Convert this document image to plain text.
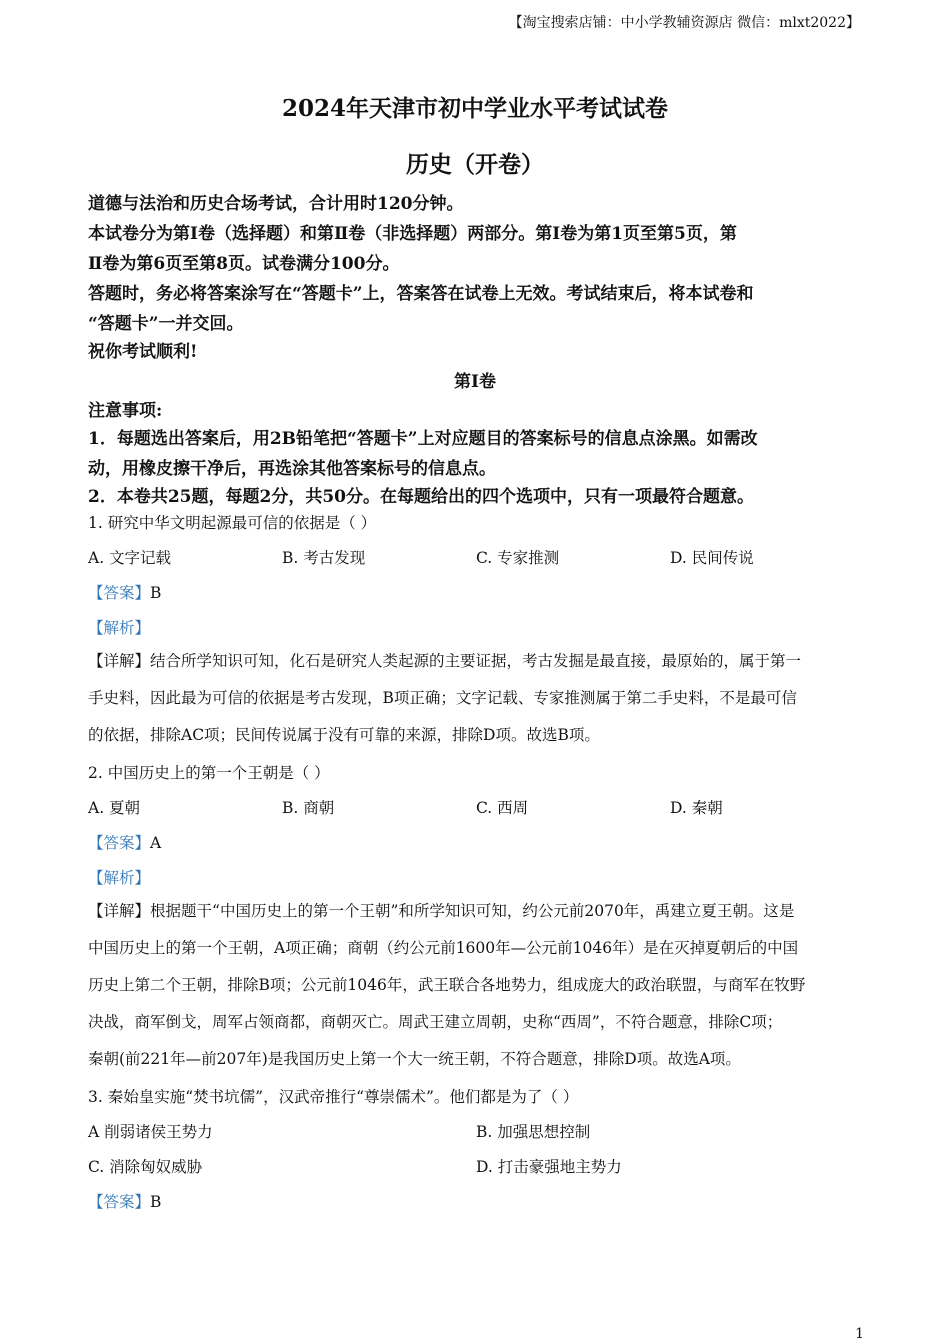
【淘宝搜索店铺：中小学教辅资源店 微信：mlxt2022】
2024年天津市初中学业水平考试试卷
历史（开卷）
道德与法治和历史合场考试，合计用时120分钟。
本试卷分为第Ⅰ卷（选择题）和第Ⅱ卷（非选择题）两部分。第Ⅰ卷为第1页至第5页，第
Ⅱ卷为第6页至第8页。试卷满分100分。
答题时，务必将答案涂写在“答题卡”上，答案答在试卷上无效。考试结束后，将本试卷和
“答题卡”一并交回。
祝你考试顺利!
第Ⅰ卷
注意事项:
1．每题选出答案后，用2B铅笔把“答题卡”上对应题目的答案标号的信息点涂黑。如需改
动，用橡皮擦干净后，再选涂其他答案标号的信息点。
2．本卷共25题，每题2分，共50分。在每题给出的四个选项中，只有一项最符合题意。
1. 研究中华文明起源最可信的依据是（ ）
A. 文字记载	B. 考古发现	C. 专家推测	D. 民间传说
【答案】B
【解析】
【详解】结合所学知识可知，化石是研究人类起源的主要证据，考古发掘是最直接，最原始的，属于第一
手史料，因此最为可信的依据是考古发现，B项正确；文字记载、专家推测属于第二手史料，不是最可信
的依据，排除AC项；民间传说属于没有可靠的来源，排除D项。故选B项。
2. 中国历史上的第一个王朝是（ ）
A. 夏朝	B. 商朝	C. 西周	D. 秦朝
【答案】A
【解析】
【详解】根据题干“中国历史上的第一个王朝”和所学知识可知，约公元前2070年，禹建立夏王朝。这是
中国历史上的第一个王朝，A项正确；商朝（约公元前1600年—公元前1046年）是在灭掉夏朝后的中国
历史上第二个王朝，排除B项；公元前1046年，武王联合各地势力，组成庞大的政治联盟，与商军在牧野
决战，商军倒戈，周军占领商都，商朝灭亡。周武王建立周朝，史称“西周”，不符合题意，排除C项；
秦朝(前221年—前207年)是我国历史上第一个大一统王朝，不符合题意，排除D项。故选A项。
3. 秦始皇实施“焚书坑儒”，汉武帝推行“尊崇儒术”。他们都是为了（ ）
A 削弱诸侯王势力	B. 加强思想控制
C. 消除匈奴威胁	D. 打击豪强地主势力
【答案】B
1
